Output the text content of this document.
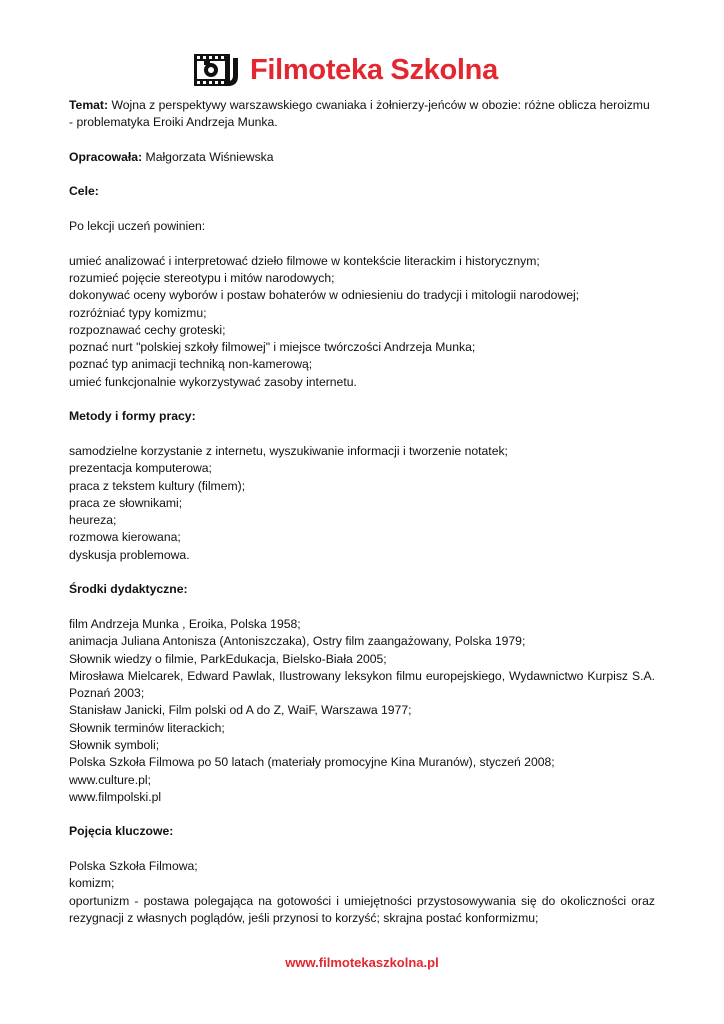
Filmoteka Szkolna

Temat: Wojna z perspektywy warszawskiego cwaniaka i żołnierzy-jeńców w obozie: różne oblicza heroizmu - problematyka Eroiki Andrzeja Munka.

Opracowała: Małgorzata Wiśniewska

Cele:

Po lekcji uczeń powinien:

umieć analizować i interpretować dzieło filmowe w kontekście literackim i historycznym;
rozumieć pojęcie stereotypu i mitów narodowych;
dokonywać oceny wyborów i postaw bohaterów w odniesieniu do tradycji i mitologii narodowej;
rozróżniać typy komizmu;
rozpoznawać cechy groteski;
poznać nurt "polskiej szkoły filmowej" i miejsce twórczości Andrzeja Munka;
poznać typ animacji techniką non-kamerową;
umieć funkcjonalnie wykorzystywać zasoby internetu.

Metody i formy pracy:

samodzielne korzystanie z internetu, wyszukiwanie informacji i tworzenie notatek;
prezentacja komputerowa;
praca z tekstem kultury (filmem);
praca ze słownikami;
heureza;
rozmowa kierowana;
dyskusja problemowa.

Środki dydaktyczne:

film Andrzeja Munka , Eroika, Polska 1958;
animacja Juliana Antonisza (Antoniszczaka), Ostry film zaangażowany, Polska 1979;
Słownik wiedzy o filmie, ParkEdukacja, Bielsko-Biała 2005;
Mirosława Mielcarek, Edward Pawlak, Ilustrowany leksykon filmu europejskiego, Wydawnictwo Kurpisz S.A. Poznań 2003;
Stanisław Janicki, Film polski od A do Z, WaiF, Warszawa 1977;
Słownik terminów literackich;
Słownik symboli;
Polska Szkoła Filmowa po 50 latach (materiały promocyjne Kina Muranów), styczeń 2008;
www.culture.pl;
www.filmpolski.pl

Pojęcia kluczowe:

Polska Szkoła Filmowa;
komizm;
oportunizm - postawa polegająca na gotowości i umiejętności przystosowywania się do okoliczności oraz rezygnacji z własnych poglądów, jeśli przynosi to korzyść; skrajna postać konformizmu;
www.filmotekaszkolna.pl
